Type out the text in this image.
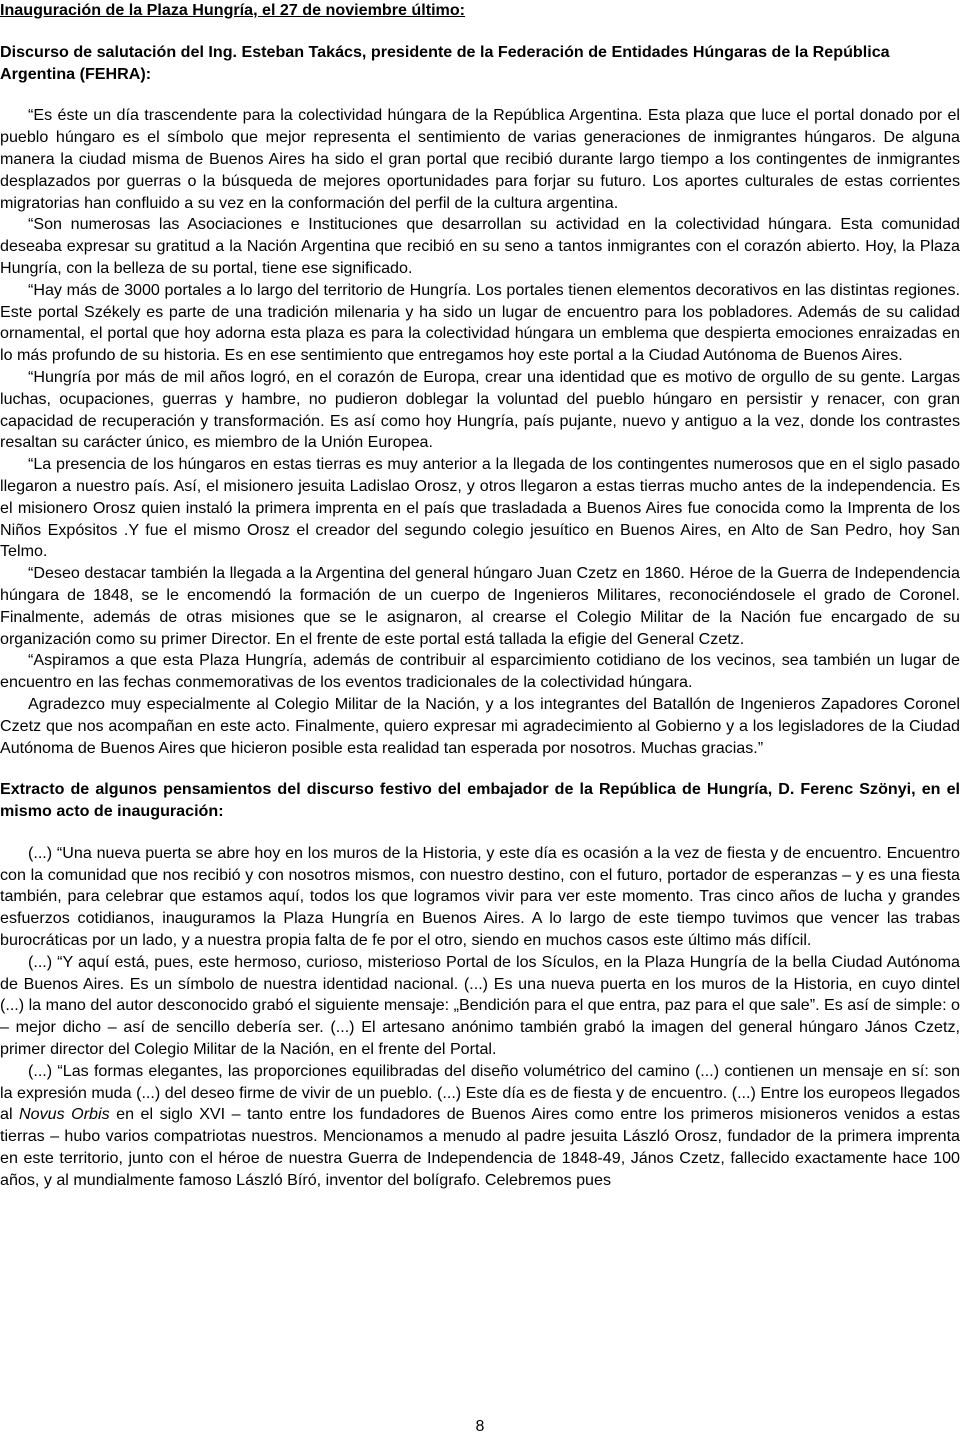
Inauguración de la Plaza Hungría, el 27 de noviembre último:

Discurso de salutación del Ing. Esteban Takács, presidente de la Federación de Entidades Húngaras de la República Argentina (FEHRA):

“Es éste un día trascendente para la colectividad húngara de la República Argentina. Esta plaza que luce el portal donado por el pueblo húngaro es el símbolo que mejor representa el sentimiento de varias generaciones de inmigrantes húngaros. De alguna manera la ciudad misma de Buenos Aires ha sido el gran portal que recibió durante largo tiempo a los contingentes de inmigrantes desplazados por guerras o la búsqueda de mejores oportunidades para forjar su futuro. Los aportes culturales de estas corrientes migratorias han confluido a su vez en la conformación del perfil de la cultura argentina.

“Son numerosas las Asociaciones e Instituciones que desarrollan su actividad en la colectividad húngara. Esta comunidad deseaba expresar su gratitud a la Nación Argentina que recibió en su seno a tantos inmigrantes con el corazón abierto. Hoy, la Plaza Hungría, con la belleza de su portal, tiene ese significado.

“Hay más de 3000 portales a lo largo del territorio de Hungría. Los portales tienen elementos decorativos en las distintas regiones. Este portal Székely es parte de una tradición milenaria y ha sido un lugar de encuentro para los pobladores. Además de su calidad ornamental, el portal que hoy adorna esta plaza es para la colectividad húngara un emblema que despierta emociones enraizadas en lo más profundo de su historia. Es en ese sentimiento que entregamos hoy este portal a la Ciudad Autónoma de Buenos Aires.

“Hungría por más de mil años logró, en el corazón de Europa, crear una identidad que es motivo de orgullo de su gente. Largas luchas, ocupaciones, guerras y hambre, no pudieron doblegar la voluntad del pueblo húngaro en persistir y renacer, con gran capacidad de recuperación y transformación. Es así como hoy Hungría, país pujante, nuevo y antiguo a la vez, donde los contrastes resaltan su carácter único, es miembro de la Unión Europea.

“La presencia de los húngaros en estas tierras es muy anterior a la llegada de los contingentes numerosos que en el siglo pasado llegaron a nuestro país. Así, el misionero jesuita Ladislao Orosz, y otros llegaron a estas tierras mucho antes de la independencia. Es el misionero Orosz quien instaló la primera imprenta en el país que trasladada a Buenos Aires fue conocida como la Imprenta de los Niños Expósitos .Y fue el mismo Orosz el creador del segundo colegio jesuítico en Buenos Aires, en Alto de San Pedro, hoy San Telmo.

“Deseo destacar también la llegada a la Argentina del general húngaro Juan Czetz en 1860. Héroe de la Guerra de Independencia húngara de 1848, se le encomendó la formación de un cuerpo de Ingenieros Militares, reconociéndosele el grado de Coronel. Finalmente, además de otras misiones que se le asignaron, al crearse el Colegio Militar de la Nación fue encargado de su organización como su primer Director. En el frente de este portal está tallada la efigie del General Czetz.

“Aspiramos a que esta Plaza Hungría, además de contribuir al esparcimiento cotidiano de los vecinos, sea también un lugar de encuentro en las fechas conmemorativas de los eventos tradicionales de la colectividad húngara.

Agradezco muy especialmente al Colegio Militar de la Nación, y a los integrantes del Batallón de Ingenieros Zapadores Coronel Czetz que nos acompañan en este acto. Finalmente, quiero expresar mi agradecimiento al Gobierno y a los legisladores de la Ciudad Autónoma de Buenos Aires que hicieron posible esta realidad tan esperada por nosotros. Muchas gracias.”

Extracto de algunos pensamientos del discurso festivo del embajador de la República de Hungría, D. Ferenc Szönyi, en el mismo acto de inauguración:

(...) “Una nueva puerta se abre hoy en los muros de la Historia, y este día es ocasión a la vez de fiesta y de encuentro. Encuentro con la comunidad que nos recibió y con nosotros mismos, con nuestro destino, con el futuro, portador de esperanzas – y es una fiesta también, para celebrar que estamos aquí, todos los que logramos vivir para ver este momento. Tras cinco años de lucha y grandes esfuerzos cotidianos, inauguramos la Plaza Hungría en Buenos Aires. A lo largo de este tiempo tuvimos que vencer las trabas burocráticas por un lado, y a nuestra propia falta de fe por el otro, siendo en muchos casos este último más difícil.

(...) “Y aquí está, pues, este hermoso, curioso, misterioso Portal de los Sículos, en la Plaza Hungría de la bella Ciudad Autónoma de Buenos Aires. Es un símbolo de nuestra identidad nacional. (...) Es una nueva puerta en los muros de la Historia, en cuyo dintel (...) la mano del autor desconocido grabó el siguiente mensaje: „Bendición para el que entra, paz para el que sale”. Es así de simple: o – mejor dicho – así de sencillo debería ser. (...) El artesano anónimo también grabó la imagen del general húngaro János Czetz, primer director del Colegio Militar de la Nación, en el frente del Portal.

(...) “Las formas elegantes, las proporciones equilibradas del diseño volumétrico del camino (...) contienen un mensaje en sí: son la expresión muda (...) del deseo firme de vivir de un pueblo. (...) Este día es de fiesta y de encuentro. (...) Entre los europeos llegados al Novus Orbis en el siglo XVI – tanto entre los fundadores de Buenos Aires como entre los primeros misioneros venidos a estas tierras – hubo varios compatriotas nuestros. Mencionamos a menudo al padre jesuita László Orosz, fundador de la primera imprenta en este territorio, junto con el héroe de nuestra Guerra de Independencia de 1848-49, János Czetz, fallecido exactamente hace 100 años, y al mundialmente famoso László Bíró, inventor del bolígrafo. Celebremos pues

8
